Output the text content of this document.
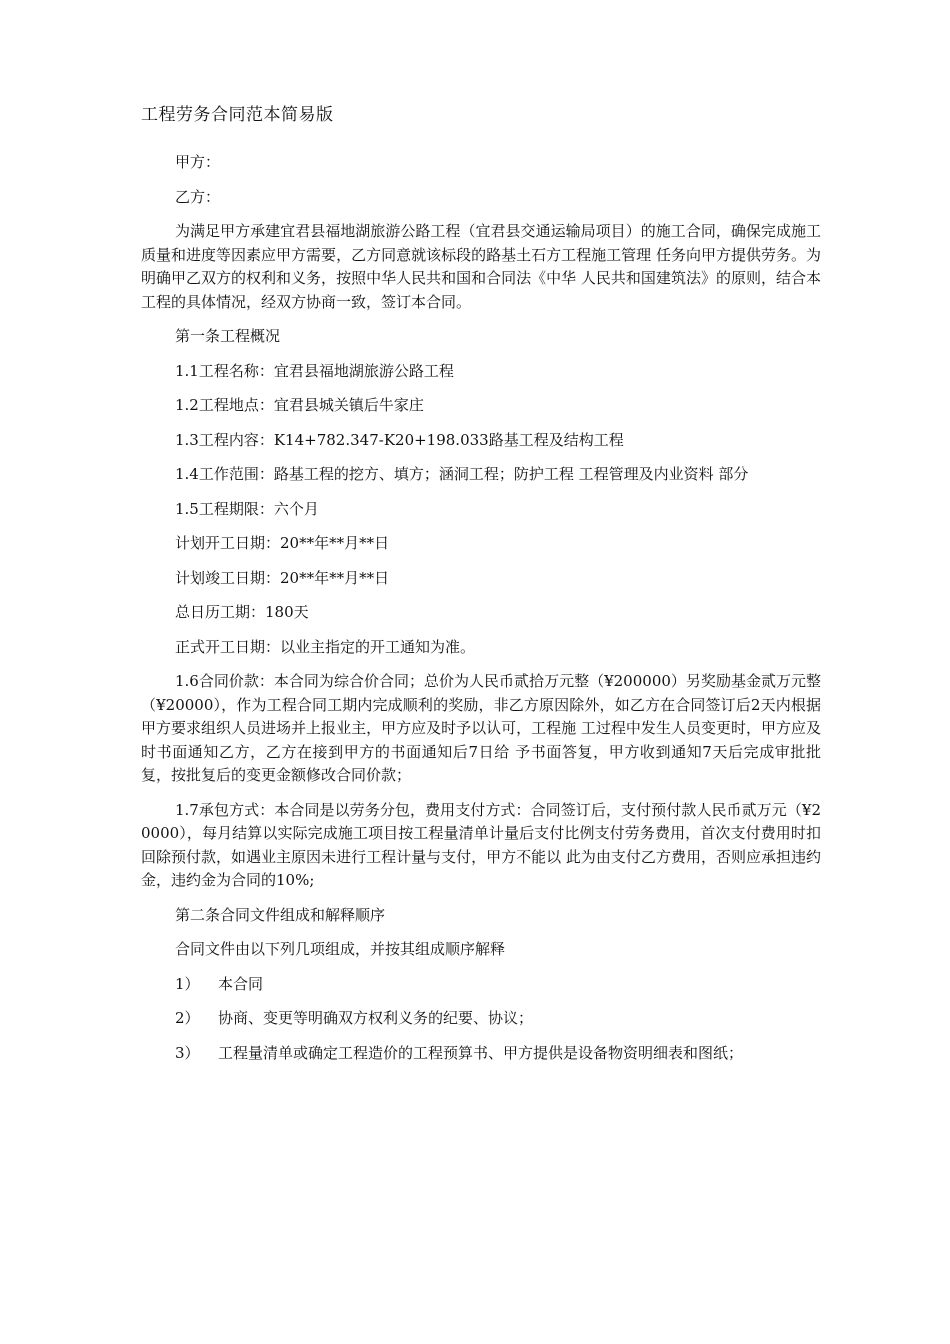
工程劳务合同范本简易版

甲方：

乙方：

为满足甲方承建宜君县福地湖旅游公路工程（宜君县交通运输局项目）的施工合同，确保完成施工质量和进度等因素应甲方需要，乙方同意就该标段的路基土石方工程施工管理 任务向甲方提供劳务。为明确甲乙双方的权利和义务，按照中华人民共和国和合同法《中华 人民共和国建筑法》的原则，结合本工程的具体情况，经双方协商一致，签订本合同。

第一条工程概况

1.1工程名称：宜君县福地湖旅游公路工程

1.2工程地点：宜君县城关镇后牛家庄

1.3工程内容：K14+782.347-K20+198.033路基工程及结构工程

1.4工作范围：路基工程的挖方、填方；涵洞工程；防护工程 工程管理及内业资料 部分

1.5工程期限：六个月

计划开工日期：20**年**月**日

计划竣工日期：20**年**月**日

总日历工期：180天

正式开工日期：以业主指定的开工通知为准。

1.6合同价款：本合同为综合价合同；总价为人民币贰拾万元整（¥200000）另奖励基金贰万元整（¥20000），作为工程合同工期内完成顺利的奖励，非乙方原因除外，如乙方在合同签订后2天内根据甲方要求组织人员进场并上报业主，甲方应及时予以认可，工程施 工过程中发生人员变更时，甲方应及时书面通知乙方，乙方在接到甲方的书面通知后7日给 予书面答复，甲方收到通知7天后完成审批批复，按批复后的变更金额修改合同价款；

1.7承包方式：本合同是以劳务分包，费用支付方式：合同签订后，支付预付款人民币贰万元（¥20000），每月结算以实际完成施工项目按工程量清单计量后支付比例支付劳务费用，首次支付费用时扣回除预付款，如遇业主原因未进行工程计量与支付，甲方不能以 此为由支付乙方费用，否则应承担违约金，违约金为合同的10%;

第二条合同文件组成和解释顺序

合同文件由以下列几项组成，并按其组成顺序解释

1） 本合同
2） 协商、变更等明确双方权利义务的纪要、协议；
3） 工程量清单或确定工程造价的工程预算书、甲方提供是设备物资明细表和图纸；
